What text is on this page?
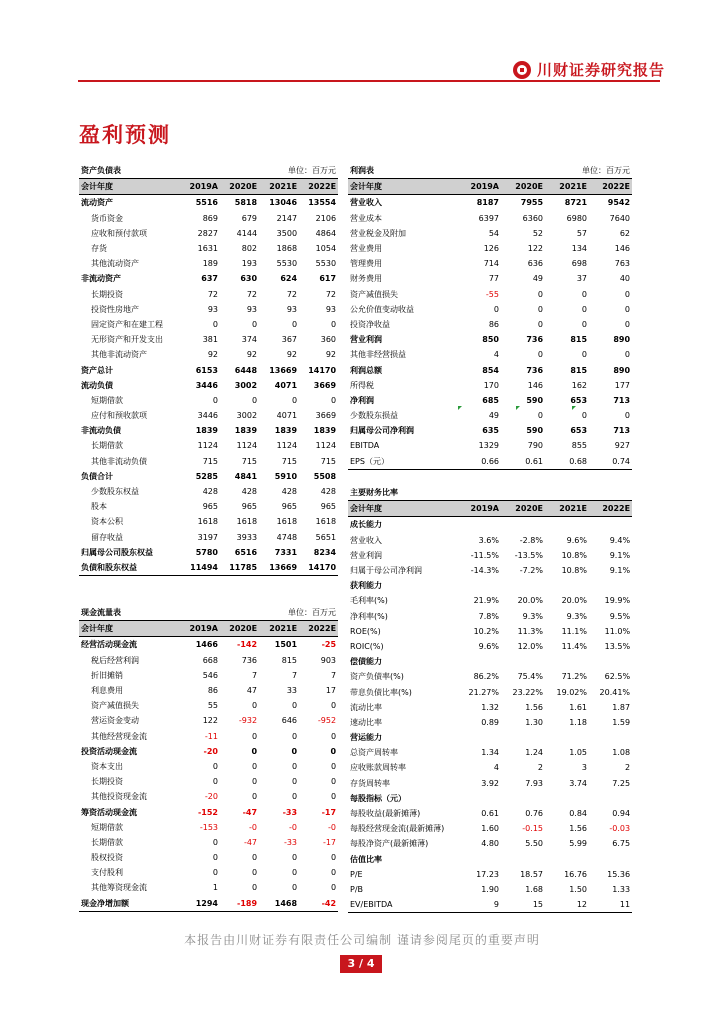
川财证券研究报告
盈利预测
资产负债表			单位：百万元	
会计年度	2019A	2020E	2021E	2022E
流动资产	5516	5818	13046	13554
货币资金	869	679	2147	2106
应收和预付款项	2827	4144	3500	4864
存货	1631	802	1868	1054
其他流动资产	189	193	5530	5530
非流动资产	637	630	624	617
长期投资	72	72	72	72
投资性房地产	93	93	93	93
固定资产和在建工程	0	0	0	0
无形资产和开发支出	381	374	367	360
其他非流动资产	92	92	92	92
资产总计	6153	6448	13669	14170
流动负债	3446	3002	4071	3669
短期借款	0	0	0	0
应付和预收款项	3446	3002	4071	3669
非流动负债	1839	1839	1839	1839
长期借款	1124	1124	1124	1124
其他非流动负债	715	715	715	715
负债合计	5285	4841	5910	5508
少数股东权益	428	428	428	428
股本	965	965	965	965
资本公积	1618	1618	1618	1618
留存收益	3197	3933	4748	5651
归属母公司股东权益	5780	6516	7331	8234
负债和股东权益	11494	11785	13669	14170
利润表			单位：百万元	
会计年度	2019A	2020E	2021E	2022E
营业收入	8187	7955	8721	9542
营业成本	6397	6360	6980	7640
营业税金及附加	54	52	57	62
营业费用	126	122	134	146
管理费用	714	636	698	763
财务费用	77	49	37	40
资产减值损失	-55	0	0	0
公允价值变动收益	0	0	0	0
投资净收益	86	0	0	0
营业利润	850	736	815	890
其他非经营损益	4	0	0	0
利润总额	854	736	815	890
所得税	170	146	162	177
净利润	685	590	653	713
少数股东损益	49	0	0	0
归属母公司净利润	635	590	653	713
EBITDA	1329	790	855	927
EPS（元）	0.66	0.61	0.68	0.74
主要财务比率				
会计年度	2019A	2020E	2021E	2022E
成长能力				
营业收入	3.6%	-2.8%	9.6%	9.4%
营业利润	-11.5%	-13.5%	10.8%	9.1%
归属于母公司净利润	-14.3%	-7.2%	10.8%	9.1%
获利能力				
毛利率(%)	21.9%	20.0%	20.0%	19.9%
净利率(%)	7.8%	9.3%	9.3%	9.5%
ROE(%)	10.2%	11.3%	11.1%	11.0%
ROIC(%)	9.6%	12.0%	11.4%	13.5%
偿债能力				
资产负债率(%)	86.2%	75.4%	71.2%	62.5%
带息负债比率(%)	21.27%	23.22%	19.02%	20.41%
流动比率	1.32	1.56	1.61	1.87
速动比率	0.89	1.30	1.18	1.59
营运能力				
总资产周转率	1.34	1.24	1.05	1.08
应收账款周转率	4	2	3	2
存货周转率	3.92	7.93	3.74	7.25
每股指标（元）				
每股收益(最新摊薄)	0.61	0.76	0.84	0.94
每股经营现金流(最新摊薄)	1.60	-0.15	1.56	-0.03
每股净资产(最新摊薄)	4.80	5.50	5.99	6.75
估值比率				
P/E	17.23	18.57	16.76	15.36
P/B	1.90	1.68	1.50	1.33
EV/EBITDA	9	15	12	11
现金流量表			单位：百万元	
会计年度	2019A	2020E	2021E	2022E
经营活动现金流	1466	-142	1501	-25
税后经营利润	668	736	815	903
折旧摊销	546	7	7	7
利息费用	86	47	33	17
资产减值损失	55	0	0	0
营运资金变动	122	-932	646	-952
其他经营现金流	-11	0	0	0
投资活动现金流	-20	0	0	0
资本支出	0	0	0	0
长期投资	0	0	0	0
其他投资现金流	-20	0	0	0
筹资活动现金流	-152	-47	-33	-17
短期借款	-153	-0	-0	-0
长期借款	0	-47	-33	-17
股权投资	0	0	0	0
支付股利	0	0	0	0
其他筹资现金流	1	0	0	0
现金净增加额	1294	-189	1468	-42
本报告由川财证券有限责任公司编制 谨请参阅尾页的重要声明
3 / 4
